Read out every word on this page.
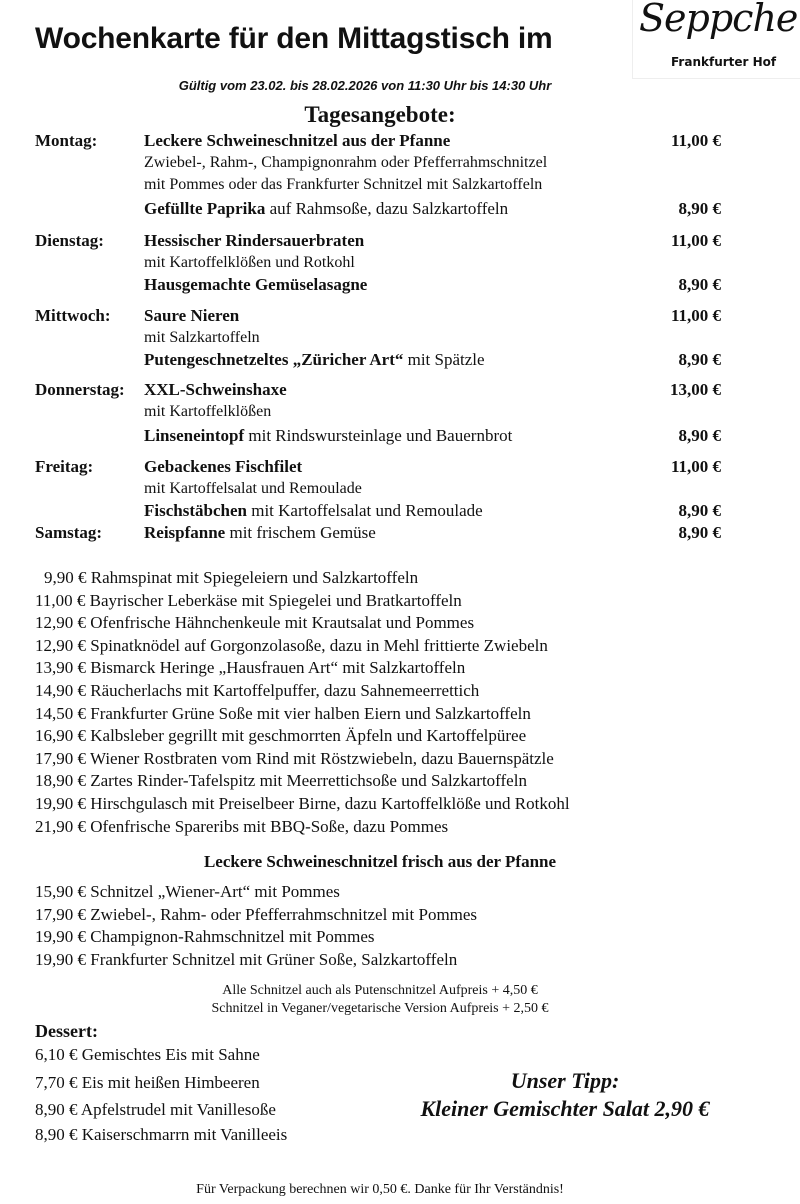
Wochenkarte für den Mittagstisch im Seppche
Frankfurter Hof
Gültig vom 23.02. bis 28.02.2026 von 11:30 Uhr bis 14:30 Uhr
Tagesangebote:
Montag:	Leckere Schweineschnitzel aus der Pfanne	11,00 €
Zwiebel-, Rahm-, Champignonrahm oder Pfefferrahmschnitzel
mit Pommes oder das Frankfurter Schnitzel mit Salzkartoffeln
Gefüllte Paprika auf Rahmsoße, dazu Salzkartoffeln	8,90 €
Dienstag: Hessischer Rindersauerbraten	11,00 €
mit Kartoffelklößen und Rotkohl
Hausgemachte Gemüselasagne	8,90 €
Mittwoch: Saure Nieren	11,00 €
mit Salzkartoffeln
Putengeschnetzeltes „Züricher Art“ mit Spätzle	8,90 €
Donnerstag: XXL-Schweinshaxe	13,00 €
mit Kartoffelklößen
Linseneintopf mit Rindswursteinlage und Bauernbrot	8,90 €
Freitag:	Gebackenes Fischfilet	11,00 €
mit Kartoffelsalat und Remoulade
Fischstäbchen mit Kartoffelsalat und Remoulade	8,90 €
Samstag: Reispfanne mit frischem Gemüse	8,90 €
9,90 € Rahmspinat mit Spiegeleiern und Salzkartoffeln
11,00 € Bayrischer Leberkäse mit Spiegelei und Bratkartoffeln
12,90 € Ofenfrische Hähnchenkeule mit Krautsalat und Pommes
12,90 € Spinatknödel auf Gorgonzolasoße, dazu in Mehl frittierte Zwiebeln
13,90 € Bismarck Heringe „Hausfrauen Art“ mit Salzkartoffeln
14,90 € Räucherlachs mit Kartoffelpuffer, dazu Sahnemeerrettich
14,50 € Frankfurter Grüne Soße mit vier halben Eiern und Salzkartoffeln
16,90 € Kalbsleber gegrillt mit geschmorrten Äpfeln und Kartoffelpüree
17,90 € Wiener Rostbraten vom Rind mit Röstzwiebeln, dazu Bauernspätzle
18,90 € Zartes Rinder-Tafelspitz mit Meerrettichsoße und Salzkartoffeln
19,90 € Hirschgulasch mit Preiselbeer Birne, dazu Kartoffelklöße und Rotkohl
21,90 € Ofenfrische Spareribs mit BBQ-Soße, dazu Pommes
Leckere Schweineschnitzel frisch aus der Pfanne
15,90 € Schnitzel „Wiener-Art“ mit Pommes
17,90 € Zwiebel-, Rahm- oder Pfefferrahmschnitzel mit Pommes
19,90 € Champignon-Rahmschnitzel mit Pommes
19,90 € Frankfurter Schnitzel mit Grüner Soße, Salzkartoffeln
Alle Schnitzel auch als Putenschnitzel Aufpreis + 4,50 €
Schnitzel in Veganer/vegetarische Version Aufpreis + 2,50 €
Dessert:
6,10 € Gemischtes Eis mit Sahne
7,70 € Eis mit heißen Himbeeren
8,90 € Apfelstrudel mit Vanillesoße
8,90 € Kaiserschmarrn mit Vanilleeis
Unser Tipp:
Kleiner Gemischter Salat 2,90 €
Für Verpackung berechnen wir 0,50 €. Danke für Ihr Verständnis!
